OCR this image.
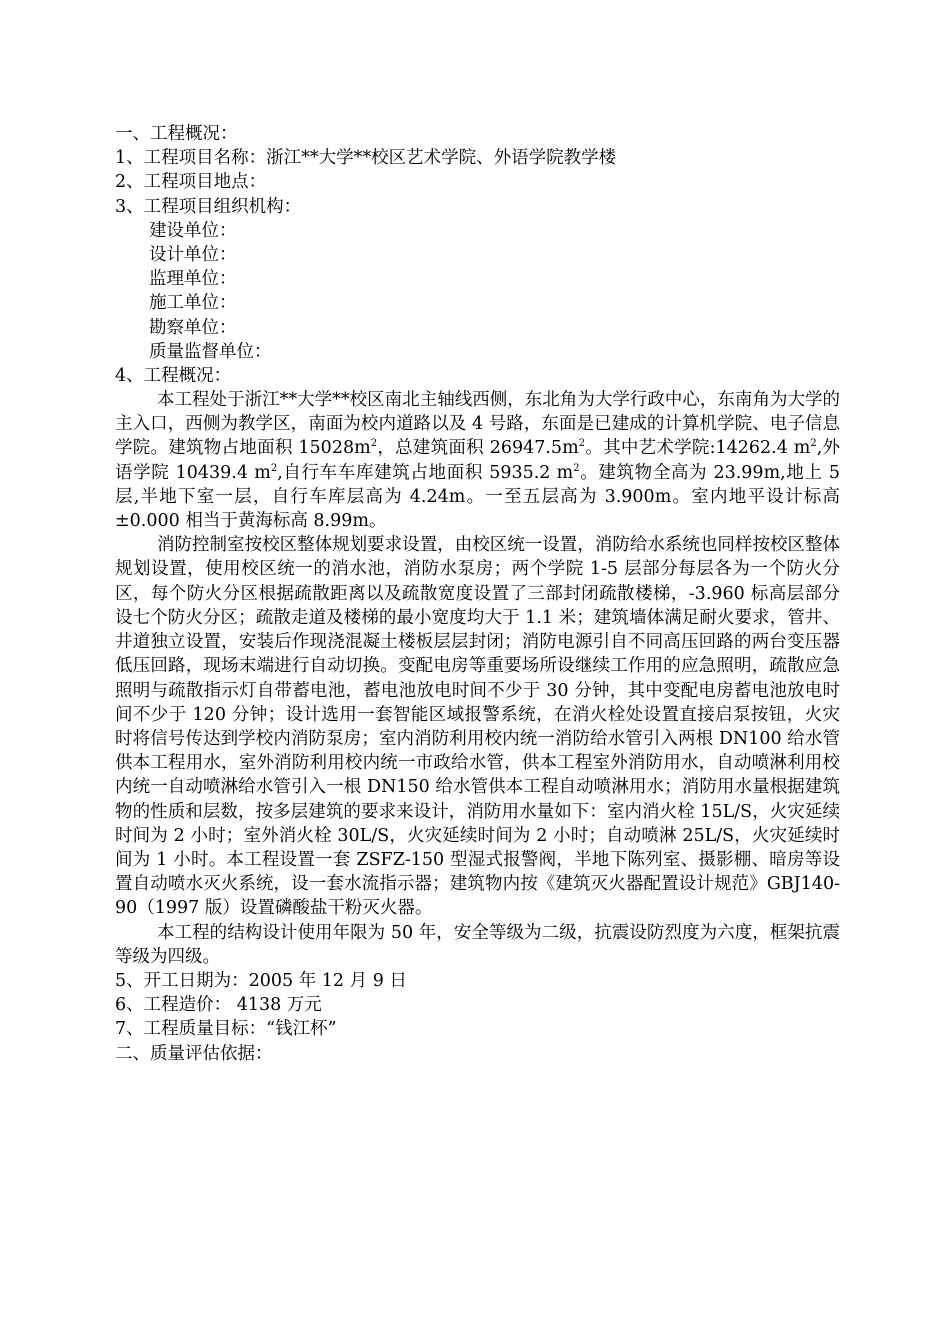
一、工程概况：
1、工程项目名称：浙江**大学**校区艺术学院、外语学院教学楼
2、工程项目地点：
3、工程项目组织机构：
建设单位：
设计单位：
监理单位：
施工单位：
勘察单位：
质量监督单位：
4、工程概况：
本工程处于浙江**大学**校区南北主轴线西侧，东北角为大学行政中心，东南角为大学的主入口，西侧为教学区，南面为校内道路以及 4 号路，东面是已建成的计算机学院、电子信息学院。建筑物占地面积 $15028m^2$，总建筑面积 $26947.5m^2$。其中艺术学院:14262.4 $m^2$,外语学院 10439.4 $m^2$,自行车车库建筑占地面积 5935.2 $m^2$。建筑物全高为 23.99m,地上 5 层,半地下室一层，自行车库层高为 4.24m。一至五层高为 3.900m。室内地平设计标高±0.000 相当于黄海标高 8.99m。
消防控制室按校区整体规划要求设置，由校区统一设置，消防给水系统也同样按校区整体规划设置，使用校区统一的消水池，消防水泵房；两个学院 1-5 层部分每层各为一个防火分区，每个防火分区根据疏散距离以及疏散宽度设置了三部封闭疏散楼梯，-3.960 标高层部分设七个防火分区；疏散走道及楼梯的最小宽度均大于 1.1 米；建筑墙体满足耐火要求，管井、井道独立设置，安装后作现浇混凝土楼板层层封闭；消防电源引自不同高压回路的两台变压器低压回路，现场末端进行自动切换。变配电房等重要场所设继续工作用的应急照明，疏散应急照明与疏散指示灯自带蓄电池，蓄电池放电时间不少于 30 分钟，其中变配电房蓄电池放电时间不少于 120 分钟；设计选用一套智能区域报警系统，在消火栓处设置直接启泵按钮，火灾时将信号传达到学校内消防泵房；室内消防利用校内统一消防给水管引入两根 DN100 给水管供本工程用水，室外消防利用校内统一市政给水管，供本工程室外消防用水，自动喷淋利用校内统一自动喷淋给水管引入一根 DN150 给水管供本工程自动喷淋用水；消防用水量根据建筑物的性质和层数，按多层建筑的要求来设计，消防用水量如下：室内消火栓 15L/S，火灾延续时间为 2 小时；室外消火栓 30L/S，火灾延续时间为 2 小时；自动喷淋 25L/S，火灾延续时间为 1 小时。本工程设置一套 ZSFZ-150 型湿式报警阀，半地下陈列室、摄影棚、暗房等设置自动喷水灭火系统，设一套水流指示器；建筑物内按《建筑灭火器配置设计规范》GBJ140-90（1997 版）设置磷酸盐干粉灭火器。
本工程的结构设计使用年限为 50 年，安全等级为二级，抗震设防烈度为六度，框架抗震等级为四级。
5、开工日期为：2005 年 12 月 9 日
6、工程造价： 4138 万元
7、工程质量目标：“钱江杯”
二、质量评估依据：
